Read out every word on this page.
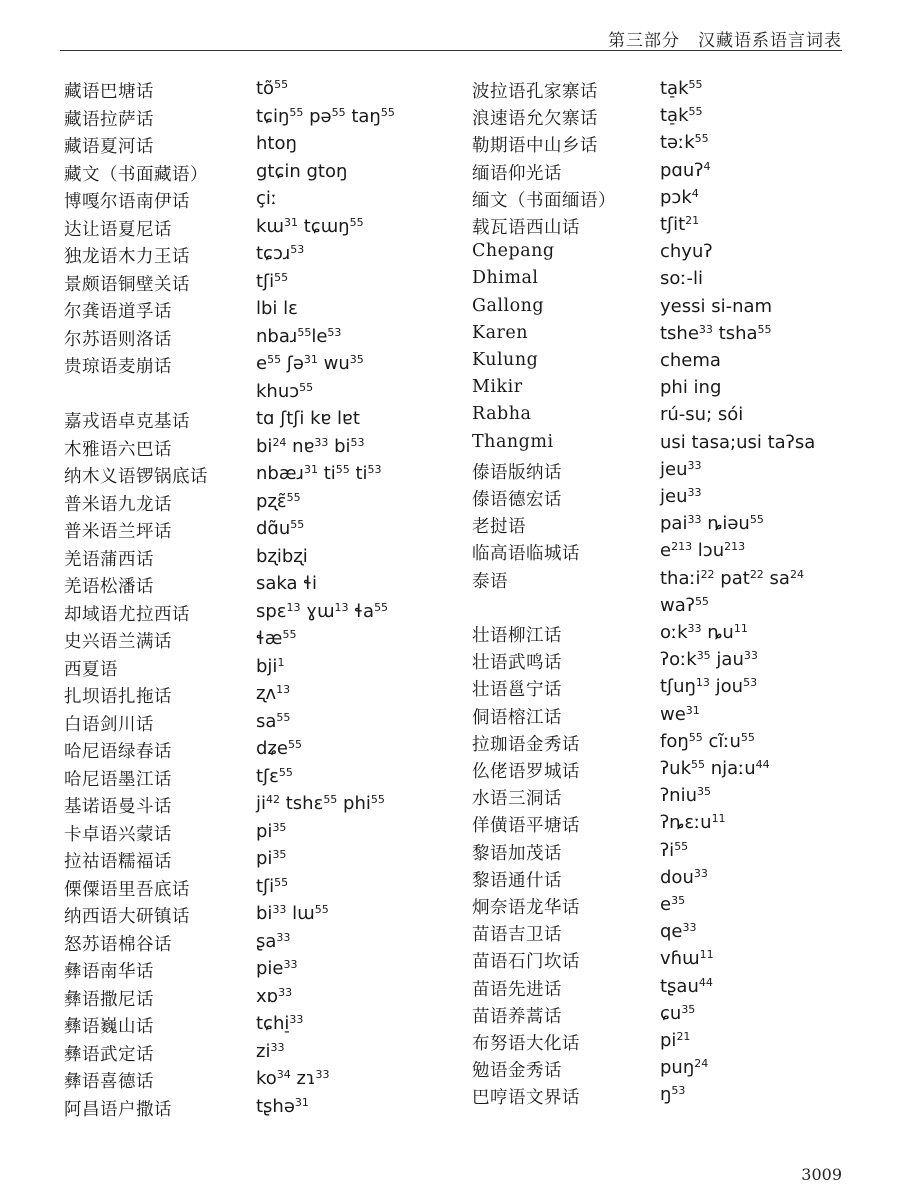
第三部分　汉藏语系语言词表
藏语巴塘话	$tõ^{55}$
藏语拉萨话	tɕiŋ$^{55}$ pə$^{55}$ taŋ$^{55}$
藏语夏河话	htoŋ
藏文（书面藏语）	gtɕin gtoŋ
博嘎尔语南伊话	çiː
达让语夏尼话	kɯ$^{31}$ tɕɯŋ$^{55}$
独龙语木力王话	tɕɔɹ$^{53}$
景颇语铜壁关话	tʃi$^{55}$
尔龚语道孚话	lbi lɛ
尔苏语则洛话	$nbaɹ^{55}le^{53}$
贵琼语麦崩话	$e^{55}$ ʃə$^{31}$ $wu^{35}$
khuɔ$^{55}$
嘉戎语卓克基话	tɑ ʃtʃi kɐ lɐt
木雅语六巴话	$bi^{24}$ nɐ$^{33}$ $bi^{53}$
纳木义语锣锅底话	nbæɹ$^{31}$ $ti^{55}$ $ti^{53}$
普米语九龙话	pʐɛ̃$^{55}$
普米语兰坪话	$dɑ̃u^{55}$
羌语蒲西话	bʐibʐi
羌语松潘话	saka ɬi
却域语尤拉西话	spɛ$^{13}$ ɣɯ$^{13}$ ɬa$^{55}$
史兴语兰满话	ɬæ$^{55}$
西夏语	bji$^1$
扎坝语扎拖话	ʐʌ$^{13}$
白语剑川话	$sa^{55}$
哈尼语绿春话	dʑe$^{55}$
哈尼语墨江话	tʃɛ$^{55}$
基诺语曼斗话	$ji^{42}$ tshɛ$^{55}$ phi$^{55}$
卡卓语兴蒙话	$pi^{35}$
拉祜语糯福话	$pi^{35}$
傈僳语里吾底话	tʃi$^{55}$
纳西语大研镇话	$bi^{33}$ lɯ$^{55}$
怒苏语棉谷话	ʂa$^{33}$
彝语南华话	pie$^{33}$
彝语撒尼话	xɒ$^{33}$
彝语巍山话	tɕhi̠$^{33}$
彝语武定话	$zi^{33}$
彝语喜德话	$ko^{34}$ zɿ$^{33}$
阿昌语户撒话	tʂhə$^{31}$
波拉语孔家寨话	$ta̠k^{55}$
浪速语允欠寨话	$ta̠k^{55}$
勒期语中山乡话	təːk$^{55}$
缅语仰光话	pɑuʔ$^4$
缅文（书面缅语） pɔk$^4$
载瓦语西山话	tʃit$^{21}$
Chepang	chyuʔ
Dhimal	soː-li
Gallong	yessi si-nam
Karen	tshe$^{33}$ tsha$^{55}$
Kulung	chema
Mikir	phi ing
Rabha	rú-su; sói
Thangmi	usi tasa;usi taʔsa
傣语版纳话	jeu$^{33}$
傣语德宏话	jeu$^{33}$
老挝语	pai$^{33}$ ȵiəu$^{55}$
临高语临城话	$e^{213}$ lɔu$^{213}$
泰语	thaːi$^{22}$ pat$^{22}$ $sa^{24}$
waʔ$^{55}$
壮语柳江话	oːk$^{33}$ $ȵu^{11}$
壮语武鸣话	ʔoːk$^{35}$ jau$^{33}$
壮语邕宁话	tʃuŋ$^{13}$ jou$^{53}$
侗语榕江话	$we^{31}$
拉珈语金秀话	foŋ$^{55}$ cĩːu$^{55}$
仫佬语罗城话	ʔuk$^{55}$ njaːu$^{44}$
水语三洞话	ʔniu$^{35}$
佯僙语平塘话	ʔȵɛːu$^{11}$
黎语加茂话	ʔi$^{55}$
黎语通什话	dou$^{33}$
炯奈语龙华话	$e^{35}$
苗语吉卫话	$qe^{33}$
苗语石门坎话	vɦɯ$^{11}$
苗语先进话	tʂau$^{44}$
苗语养蒿话	ɕu$^{35}$
布努语大化话	$pi^{21}$
勉语金秀话	puŋ$^{24}$
巴哼语文界话	$ŋ^{53}$
3009
